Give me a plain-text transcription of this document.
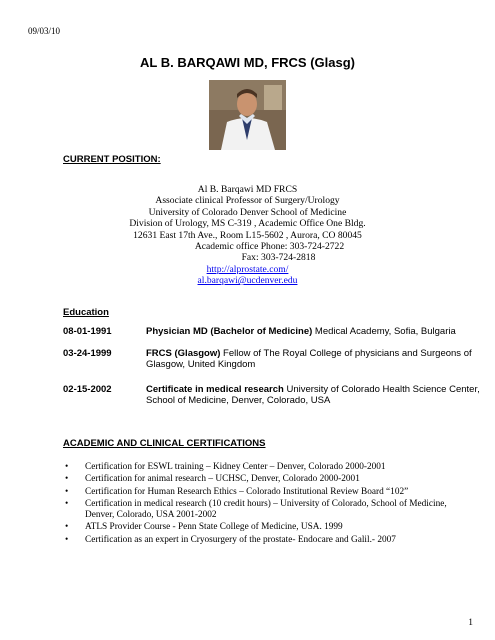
09/03/10
AL B. BARQAWI MD, FRCS (Glasg)
CURRENT POSITION:
Al B. Barqawi MD FRCS
Associate clinical Professor of Surgery/Urology
University of Colorado Denver School of Medicine
Division of Urology, MS C-319 , Academic Office One Bldg.
12631 East 17th Ave., Room L15-5602 , Aurora, CO 80045
Academic office Phone: 303-724-2722
Fax: 303-724-2818
http://alprostate.com/
al.barqawi@ucdenver.edu
Education
08-01-1991	Physician MD (Bachelor of Medicine) Medical Academy, Sofia, Bulgaria
03-24-1999	FRCS (Glasgow) Fellow of The Royal College of physicians and Surgeons of Glasgow, United Kingdom
02-15-2002	Certificate in medical research University of Colorado Health Science Center, School of Medicine, Denver, Colorado, USA
ACADEMIC AND CLINICAL CERTIFICATIONS
• Certification for ESWL training – Kidney Center – Denver, Colorado 2000-2001
• Certification for animal research – UCHSC, Denver, Colorado 2000-2001
• Certification for Human Research Ethics – Colorado Institutional Review Board “102”
• Certification in medical research (10 credit hours) – University of Colorado, School of Medicine, Denver, Colorado, USA 2001-2002
• ATLS Provider Course - Penn State College of Medicine, USA. 1999
• Certification as an expert in Cryosurgery of the prostate- Endocare and Galil.- 2007
1
